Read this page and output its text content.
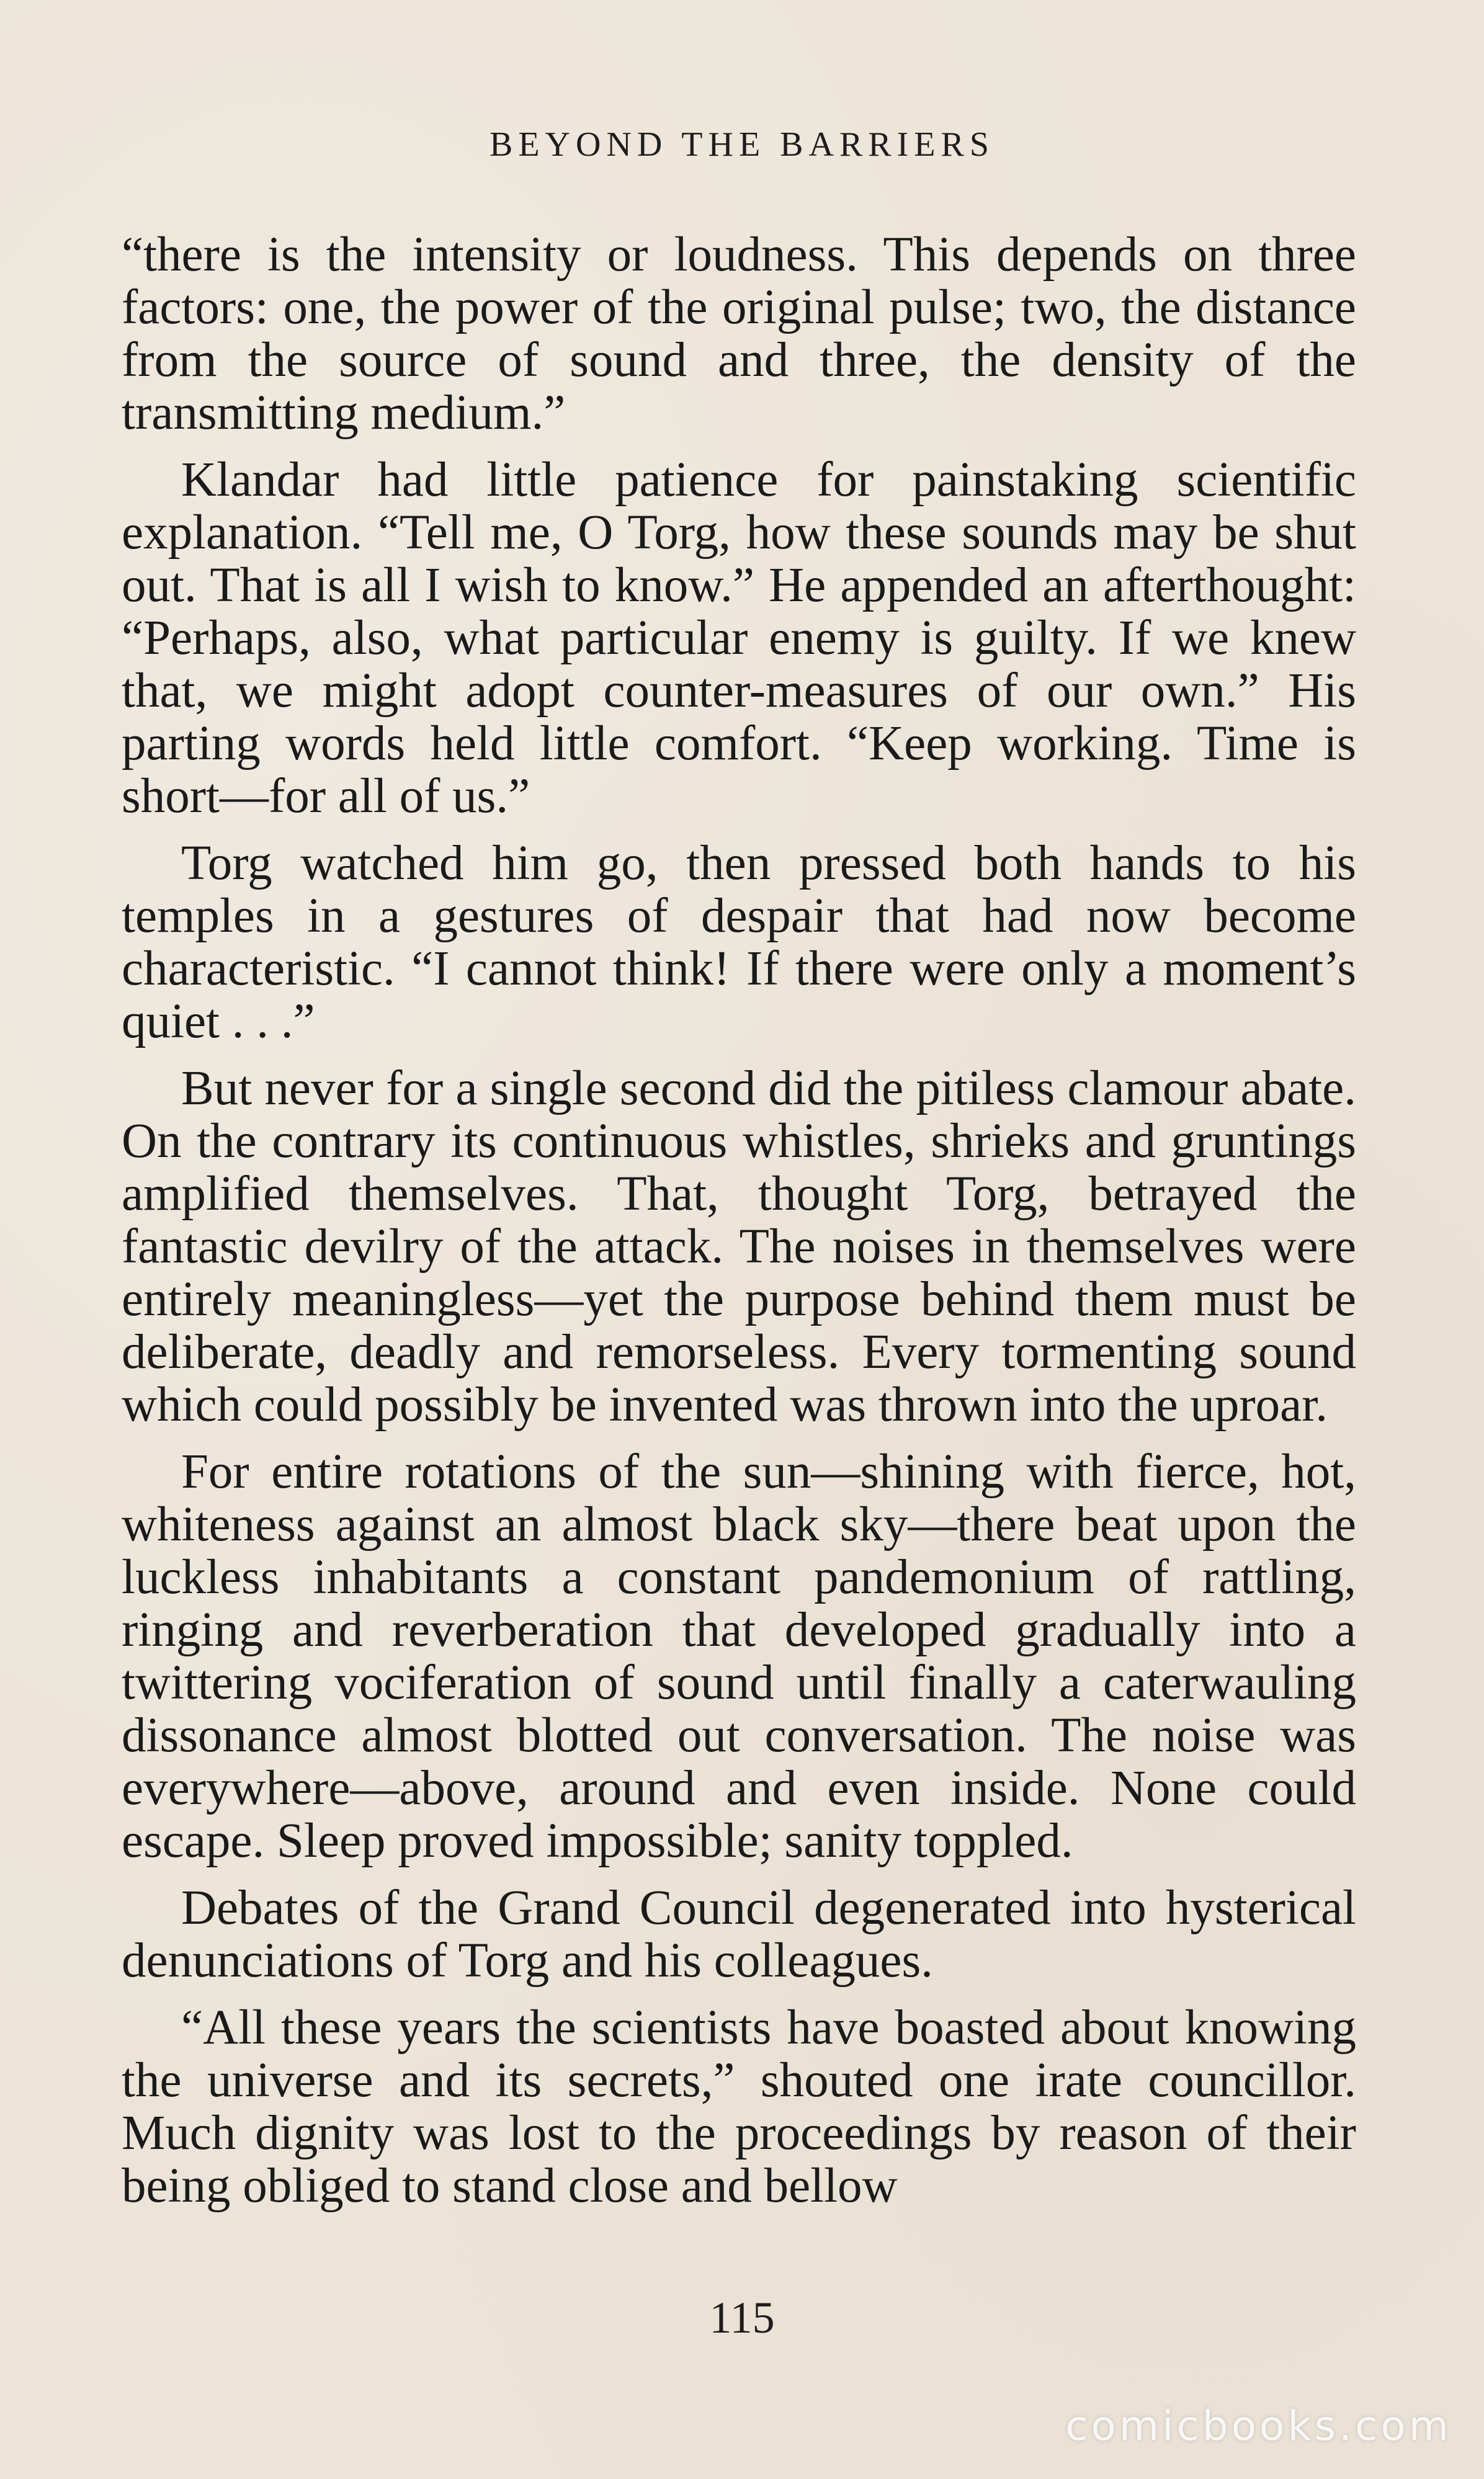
BEYOND THE BARRIERS

“there is the intensity or loudness. This depends on three factors: one, the power of the original pulse; two, the distance from the source of sound and three, the density of the transmitting medium.”

Klandar had little patience for painstaking scientific explanation. “Tell me, O Torg, how these sounds may be shut out. That is all I wish to know.” He appended an afterthought: “Perhaps, also, what particular enemy is guilty. If we knew that, we might adopt counter-measures of our own.” His parting words held little comfort. “Keep working. Time is short—for all of us.”

Torg watched him go, then pressed both hands to his temples in a gestures of despair that had now become characteristic. “I cannot think! If there were only a moment’s quiet . . .”

But never for a single second did the pitiless clamour abate. On the contrary its continuous whistles, shrieks and gruntings amplified themselves. That, thought Torg, betrayed the fantastic devilry of the attack. The noises in themselves were entirely meaningless—yet the purpose behind them must be deliberate, deadly and remorseless. Every tormenting sound which could possibly be invented was thrown into the uproar.

For entire rotations of the sun—shining with fierce, hot, whiteness against an almost black sky—there beat upon the luckless inhabitants a constant pandemonium of rattling, ringing and reverberation that developed gradually into a twittering vociferation of sound until finally a caterwauling dissonance almost blotted out conversation. The noise was everywhere—above, around and even inside. None could escape. Sleep proved impossible; sanity toppled.

Debates of the Grand Council degenerated into hysterical denunciations of Torg and his colleagues.

“All these years the scientists have boasted about knowing the universe and its secrets,” shouted one irate councillor. Much dignity was lost to the proceedings by reason of their being obliged to stand close and bellow

115
comicbooks.com
